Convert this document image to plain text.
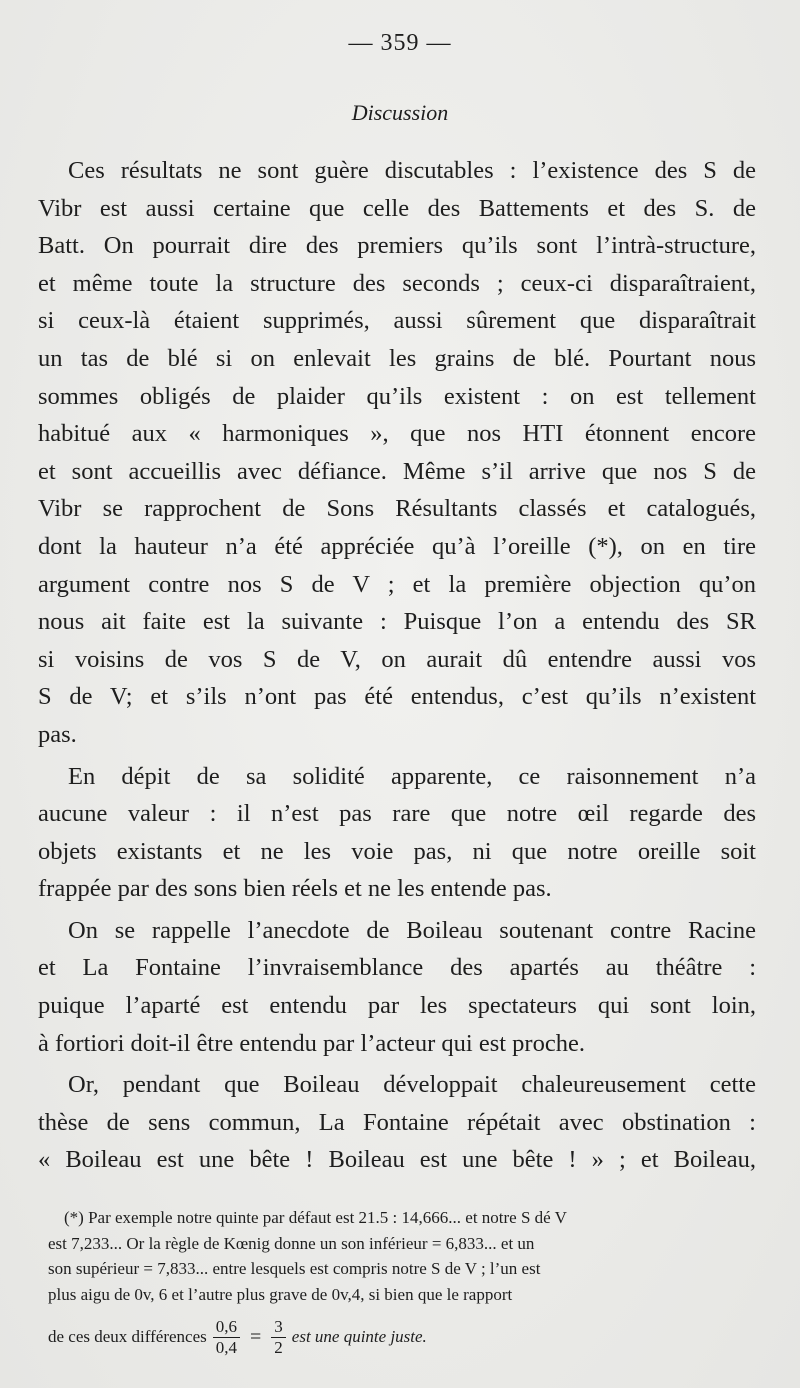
— 359 —
Discussion
Ces résultats ne sont guère discutables : l’existence des S de
Vibr est aussi certaine que celle des Battements et des S. de
Batt. On pourrait dire des premiers qu’ils sont l’intrà-structure,
et même toute la structure des seconds ; ceux-ci disparaîtraient,
si ceux-là étaient supprimés, aussi sûrement que disparaîtrait
un tas de blé si on enlevait les grains de blé. Pourtant nous
sommes obligés de plaider qu’ils existent : on est tellement
habitué aux « harmoniques », que nos HTI étonnent encore
et sont accueillis avec défiance. Même s’il arrive que nos S de
Vibr se rapprochent de Sons Résultants classés et catalogués,
dont la hauteur n’a été appréciée qu’à l’oreille (*), on en tire
argument contre nos S de V ; et la première objection qu’on
nous ait faite est la suivante : Puisque l’on a entendu des SR
si voisins de vos S de V, on aurait dû entendre aussi vos
S de V; et s’ils n’ont pas été entendus, c’est qu’ils n’existent
pas.
En dépit de sa solidité apparente, ce raisonnement n’a
aucune valeur : il n’est pas rare que notre œil regarde des
objets existants et ne les voie pas, ni que notre oreille soit
frappée par des sons bien réels et ne les entende pas.
On se rappelle l’anecdote de Boileau soutenant contre Racine
et La Fontaine l’invraisemblance des apartés au théâtre :
puique l’aparté est entendu par les spectateurs qui sont loin,
à fortiori doit-il être entendu par l’acteur qui est proche.
Or, pendant que Boileau développait chaleureusement cette
thèse de sens commun, La Fontaine répétait avec obstination :
« Boileau est une bête ! Boileau est une bête ! » ; et Boileau,
(*) Par exemple notre quinte par défaut est 21.5 : 14,666... et notre S dé V
est 7,233... Or la règle de Kœnig donne un son inférieur = 6,833... et un
son supérieur = 7,833... entre lesquels est compris notre S de V ; l’un est
plus aigu de 0v, 6 et l’autre plus grave de 0v,4, si bien que le rapport
de ces deux différences $\frac{0,6}{0,4} = \frac{3}{2}$ est une quinte juste.
